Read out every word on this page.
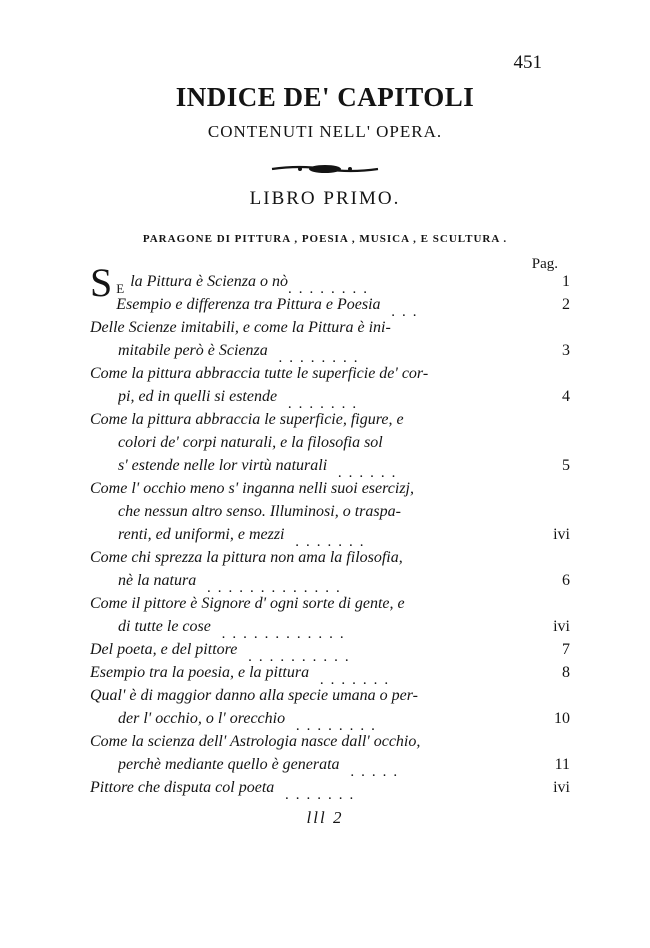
451
INDICE DE' CAPITOLI
CONTENUTI NELL' OPERA.
LIBRO PRIMO.
PARAGONE DI PITTURA , POESIA , MUSICA , E SCULTURA .
Pag.
S E la Pittura è Scienza o nò........	1
Esempio e differenza tra Pittura e Poesia ...	2
Delle Scienze imitabili, e come la Pittura è ini-
mitabile però è Scienza ........	3
Come la pittura abbraccia tutte le superficie de' cor-
pi, ed in quelli si estende .......	4
Come la pittura abbraccia le superficie, figure, e
colori de' corpi naturali, e la filosofia sol
s' estende nelle lor virtù naturali ......	5
Come l' occhio meno s' inganna nelli suoi esercizj,
che nessun altro senso. Illuminosi, o traspa-
renti, ed uniformi, e mezzi .......	ivi
Come chi sprezza la pittura non ama la filosofia,
nè la natura .............	6
Come il pittore è Signore d' ogni sorte di gente, e
di tutte le cose ............	ivi
Del poeta, e del pittore ..........	7
Esempio tra la poesia, e la pittura .......	8
Qual' è di maggior danno alla specie umana o per-
der l' occhio, o l' orecchio ........	10
Come la scienza dell' Astrologia nasce dall' occhio,
perchè mediante quello è generata .....	11
Pittore che disputa col poeta .......	ivi
lll 2
